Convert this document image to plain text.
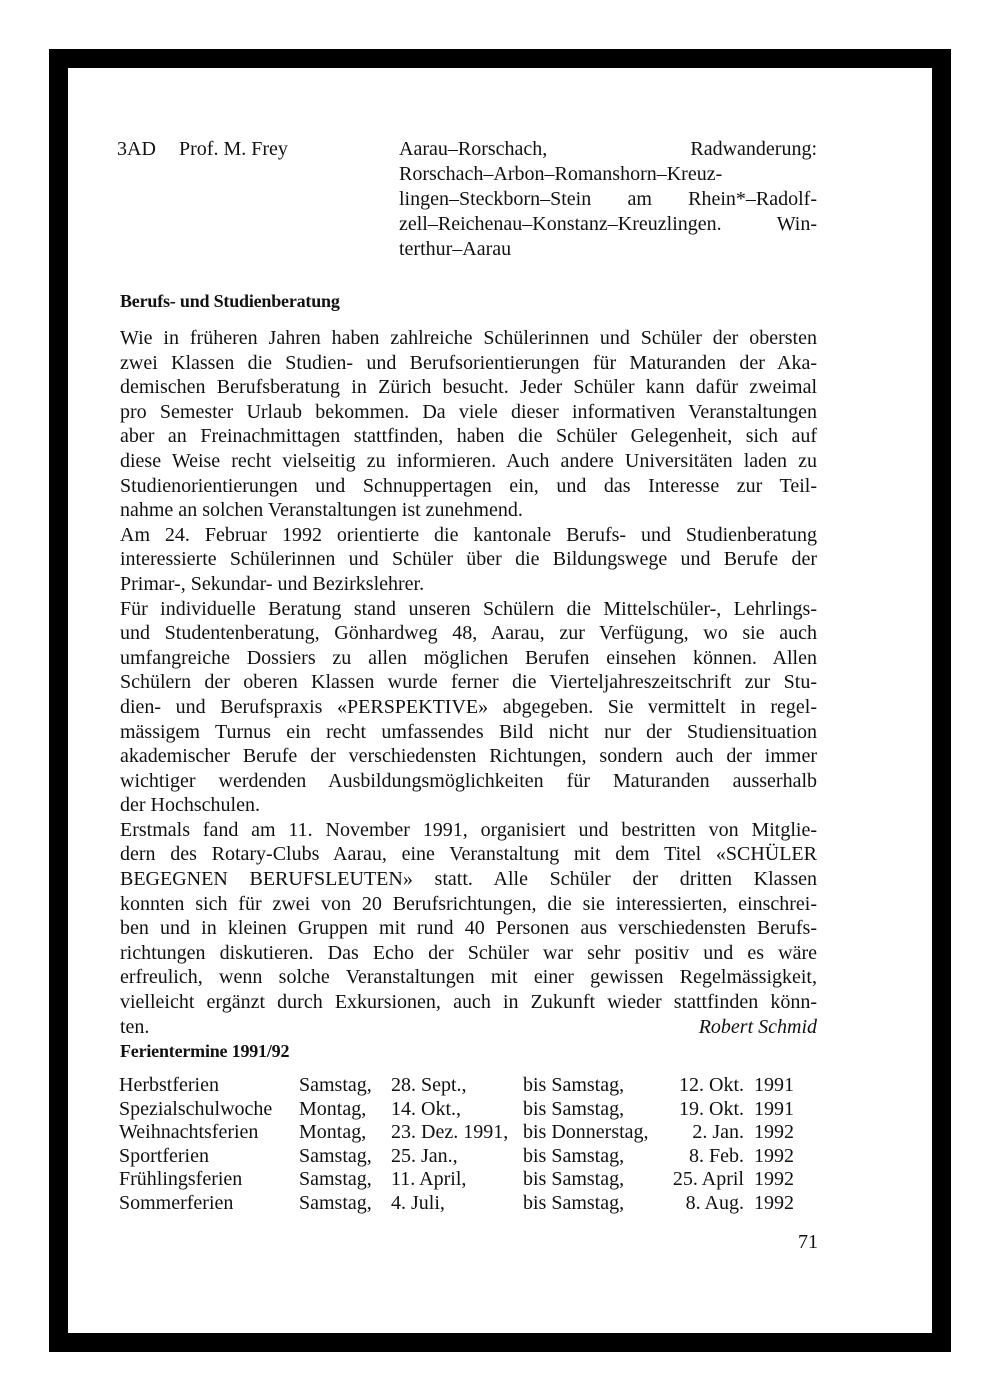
3AD Prof. M. Frey	Aarau–Rorschach, Radwanderung:
Rorschach–Arbon–Romanshorn–Kreuz-
lingen–Steckborn–Stein am Rhein*–Radolf-
zell–Reichenau–Konstanz–Kreuzlingen. Win-
terthur–Aarau
Berufs- und Studienberatung
Wie in früheren Jahren haben zahlreiche Schülerinnen und Schüler der obersten
zwei Klassen die Studien- und Berufsorientierungen für Maturanden der Aka-
demischen Berufsberatung in Zürich besucht. Jeder Schüler kann dafür zweimal
pro Semester Urlaub bekommen. Da viele dieser informativen Veranstaltungen
aber an Freinachmittagen stattfinden, haben die Schüler Gelegenheit, sich auf
diese Weise recht vielseitig zu informieren. Auch andere Universitäten laden zu
Studienorientierungen und Schnuppertagen ein, und das Interesse zur Teil-
nahme an solchen Veranstaltungen ist zunehmend.
Am 24. Februar 1992 orientierte die kantonale Berufs- und Studienberatung
interessierte Schülerinnen und Schüler über die Bildungswege und Berufe der
Primar-, Sekundar- und Bezirkslehrer.
Für individuelle Beratung stand unseren Schülern die Mittelschüler-, Lehrlings-
und Studentenberatung, Gönhardweg 48, Aarau, zur Verfügung, wo sie auch
umfangreiche Dossiers zu allen möglichen Berufen einsehen können. Allen
Schülern der oberen Klassen wurde ferner die Vierteljahreszeitschrift zur Stu-
dien- und Berufspraxis «PERSPEKTIVE» abgegeben. Sie vermittelt in regel-
mässigem Turnus ein recht umfassendes Bild nicht nur der Studiensituation
akademischer Berufe der verschiedensten Richtungen, sondern auch der immer
wichtiger werdenden Ausbildungsmöglichkeiten für Maturanden ausserhalb
der Hochschulen.
Erstmals fand am 11. November 1991, organisiert und bestritten von Mitglie-
dern des Rotary-Clubs Aarau, eine Veranstaltung mit dem Titel «SCHÜLER
BEGEGNEN BERUFSLEUTEN» statt. Alle Schüler der dritten Klassen
konnten sich für zwei von 20 Berufsrichtungen, die sie interessierten, einschrei-
ben und in kleinen Gruppen mit rund 40 Personen aus verschiedensten Berufs-
richtungen diskutieren. Das Echo der Schüler war sehr positiv und es wäre
erfreulich, wenn solche Veranstaltungen mit einer gewissen Regelmässigkeit,
vielleicht ergänzt durch Exkursionen, auch in Zukunft wieder stattfinden könn-
ten.	Robert Schmid
Ferientermine 1991/92
Herbstferien	Samstag,	28. Sept.,	bis Samstag,	12. Okt.		1991
Spezialschulwoche	Montag,	14. Okt.,	bis Samstag,	19. Okt.		1991
Weihnachtsferien	Montag,	23. Dez. 1991,	bis Donnerstag,	2. Jan.		1992
Sportferien	Samstag,	25. Jan.,	bis Samstag,	8. Feb.		1992
Frühlingsferien	Samstag,	11. April,	bis Samstag,	25. April		1992
Sommerferien	Samstag,	4. Juli,	bis Samstag,	8. Aug.		1992
71
